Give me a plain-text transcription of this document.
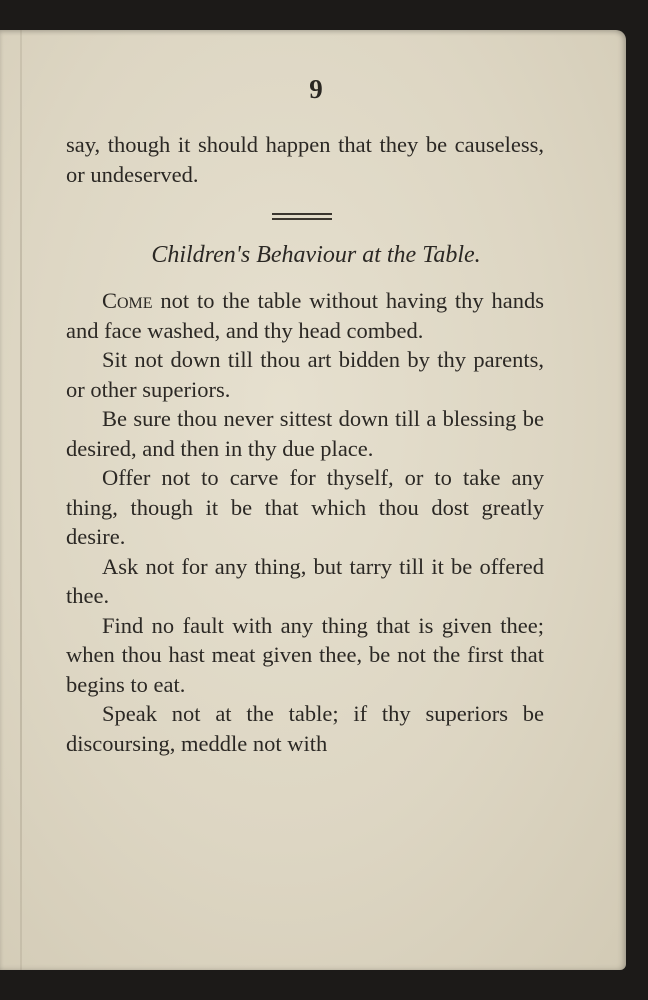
9

say, though it should happen that they be causeless, or undeserved.

Children's Behaviour at the Table.

Come not to the table without having thy hands and face washed, and thy head combed.

Sit not down till thou art bidden by thy parents, or other superiors.

Be sure thou never sittest down till a blessing be desired, and then in thy due place.

Offer not to carve for thyself, or to take any thing, though it be that which thou dost greatly desire.

Ask not for any thing, but tarry till it be offered thee.

Find no fault with any thing that is given thee; when thou hast meat given thee, be not the first that begins to eat.

Speak not at the table; if thy superiors be discoursing, meddle not with
